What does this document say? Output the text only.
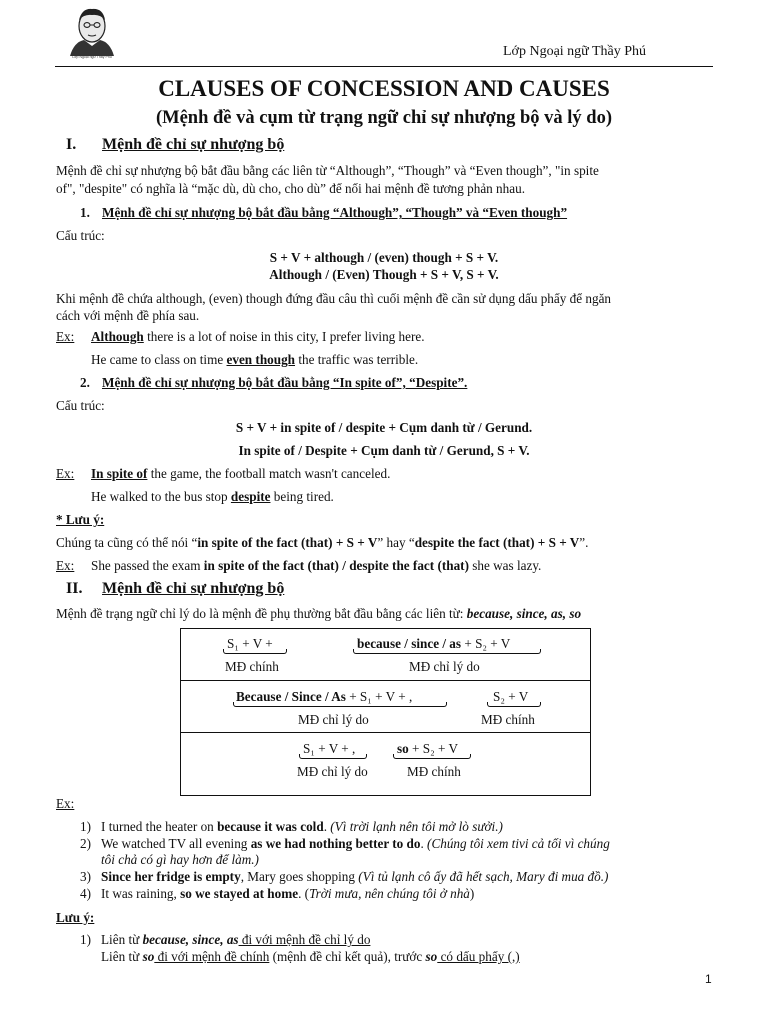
Lớp Ngoại ngữ Thầy Phú	Lớp Ngoại ngữ Thầy Phú
CLAUSES OF CONCESSION AND CAUSES
(Mệnh đề và cụm từ trạng ngữ chỉ sự nhượng bộ và lý do)
I. Mệnh đề chỉ sự nhượng bộ
Mệnh đề chỉ sự nhượng bộ bắt đầu bằng các liên từ “Although”, “Though” và “Even though”, "in spite
of", "despite" có nghĩa là “mặc dù, dù cho, cho dù” để nối hai mệnh đề tương phản nhau.
1. Mệnh đề chỉ sự nhượng bộ bắt đầu bằng “Although”, “Though” và “Even though”
Cấu trúc:
S + V + although / (even) though + S + V.
Although / (Even) Though + S + V, S + V.
Khi mệnh đề chứa although, (even) though đứng đầu câu thì cuối mệnh đề cần sử dụng dấu phẩy để ngăn
cách với mệnh đề phía sau.
Ex: Although there is a lot of noise in this city, I prefer living here.
He came to class on time even though the traffic was terrible.
2. Mệnh đề chỉ sự nhượng bộ bắt đầu bằng “In spite of”, “Despite”.
Cấu trúc:
S + V + in spite of / despite + Cụm danh từ / Gerund.
In spite of / Despite + Cụm danh từ / Gerund, S + V.
Ex: In spite of the game, the football match wasn't canceled.
He walked to the bus stop despite being tired.
* Lưu ý:
Chúng ta cũng có thể nói “in spite of the fact (that) + S + V” hay “despite the fact (that) + S + V”.
Ex: She passed the exam in spite of the fact (that) / despite the fact (that) she was lazy.
II. Mệnh đề chỉ sự nhượng bộ
Mệnh đề trạng ngữ chỉ lý do là mệnh đề phụ thường bắt đầu bằng các liên từ: because, since, as, so
S₁ + V +	because / since / as + S₂ + V
MĐ chính	MĐ chỉ lý do
Because / Since / As + S₁ + V + ,	S₂ + V
MĐ chỉ lý do	MĐ chính
S₁ + V + ,	so + S₂ + V
MĐ chỉ lý do	MĐ chính
Ex:
1) I turned the heater on because it was cold. (Vì trời lạnh nên tôi mở lò sưởi.)
2) We watched TV all evening as we had nothing better to do. (Chúng tôi xem tivi cả tối vì chúng
tôi chả có gì hay hơn để làm.)
3) Since her fridge is empty, Mary goes shopping (Vì tủ lạnh cô ấy đã hết sạch, Mary đi mua đồ.)
4) It was raining, so we stayed at home. (Trời mưa, nên chúng tôi ở nhà)
Lưu ý:
1) Liên từ because, since, as đi với mệnh đề chỉ lý do
Liên từ so đi với mệnh đề chính (mệnh đề chỉ kết quả), trước so có dấu phẩy (,)
1
